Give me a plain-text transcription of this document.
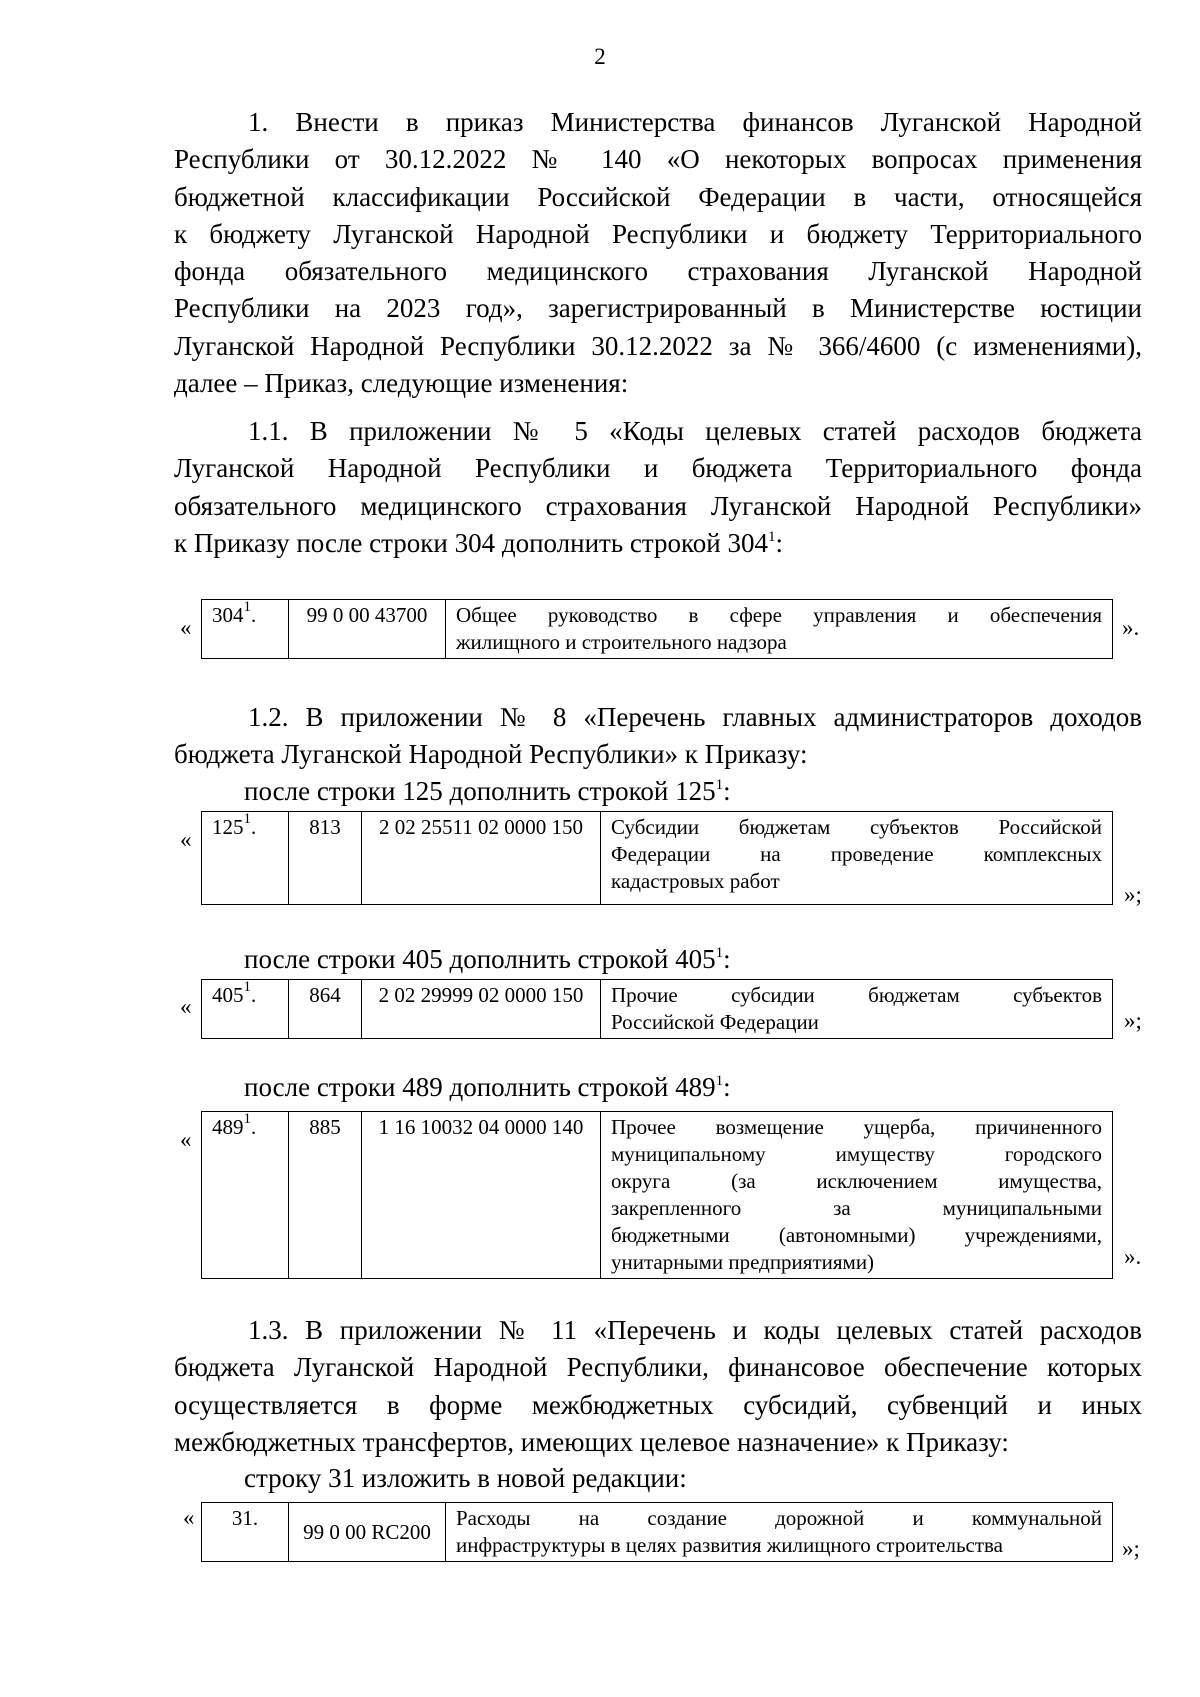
2
1. Внести в приказ Министерства финансов Луганской Народной
Республики от 30.12.2022 № 140 «О некоторых вопросах применения
бюджетной классификации Российской Федерации в части, относящейся
к бюджету Луганской Народной Республики и бюджету Территориального
фонда обязательного медицинского страхования Луганской Народной
Республики на 2023 год», зарегистрированный в Министерстве юстиции
Луганской Народной Республики 30.12.2022 за № 366/4600 (с изменениями),
далее – Приказ, следующие изменения:
1.1. В приложении № 5 «Коды целевых статей расходов бюджета
Луганской Народной Республики и бюджета Территориального фонда
обязательного медицинского страхования Луганской Народной Республики»
к Приказу после строки 304 дополнить строкой $304^1$:
« $304^1$.	99 0 00 43700	Общее руководство в сфере управления и обеспечения
жилищного и строительного надзора
».
1.2. В приложении № 8 «Перечень главных администраторов доходов
бюджета Луганской Народной Республики» к Приказу:
после строки 125 дополнить строкой $125^1$:
« $125^1$.	813	2 02 25511 02 0000 150	Субсидии бюджетам субъектов Российской
Федерации на проведение комплексных
кадастровых работ
»;
после строки 405 дополнить строкой $405^1$:
« $405^1$.	864	2 02 29999 02 0000 150	Прочие субсидии бюджетам субъектов
Российской Федерации	»;
после строки 489 дополнить строкой $489^1$:
« $489^1$.	885	1 16 10032 04 0000 140	Прочее возмещение ущерба, причиненного
муниципальному имуществу городского
округа (за исключением имущества,
закрепленного за муниципальными
бюджетными (автономными) учреждениями,
унитарными предприятиями)	».
1.3. В приложении № 11 «Перечень и коды целевых статей расходов
бюджета Луганской Народной Республики, финансовое обеспечение которых
осуществляется в форме межбюджетных субсидий, субвенций и иных
межбюджетных трансфертов, имеющих целевое назначение» к Приказу:
строку 31 изложить в новой редакции:
« 31.	99 0 00 RC200	
Расходы на создание дорожной и коммунальной
инфраструктуры в целях развития жилищного строительства	»;
